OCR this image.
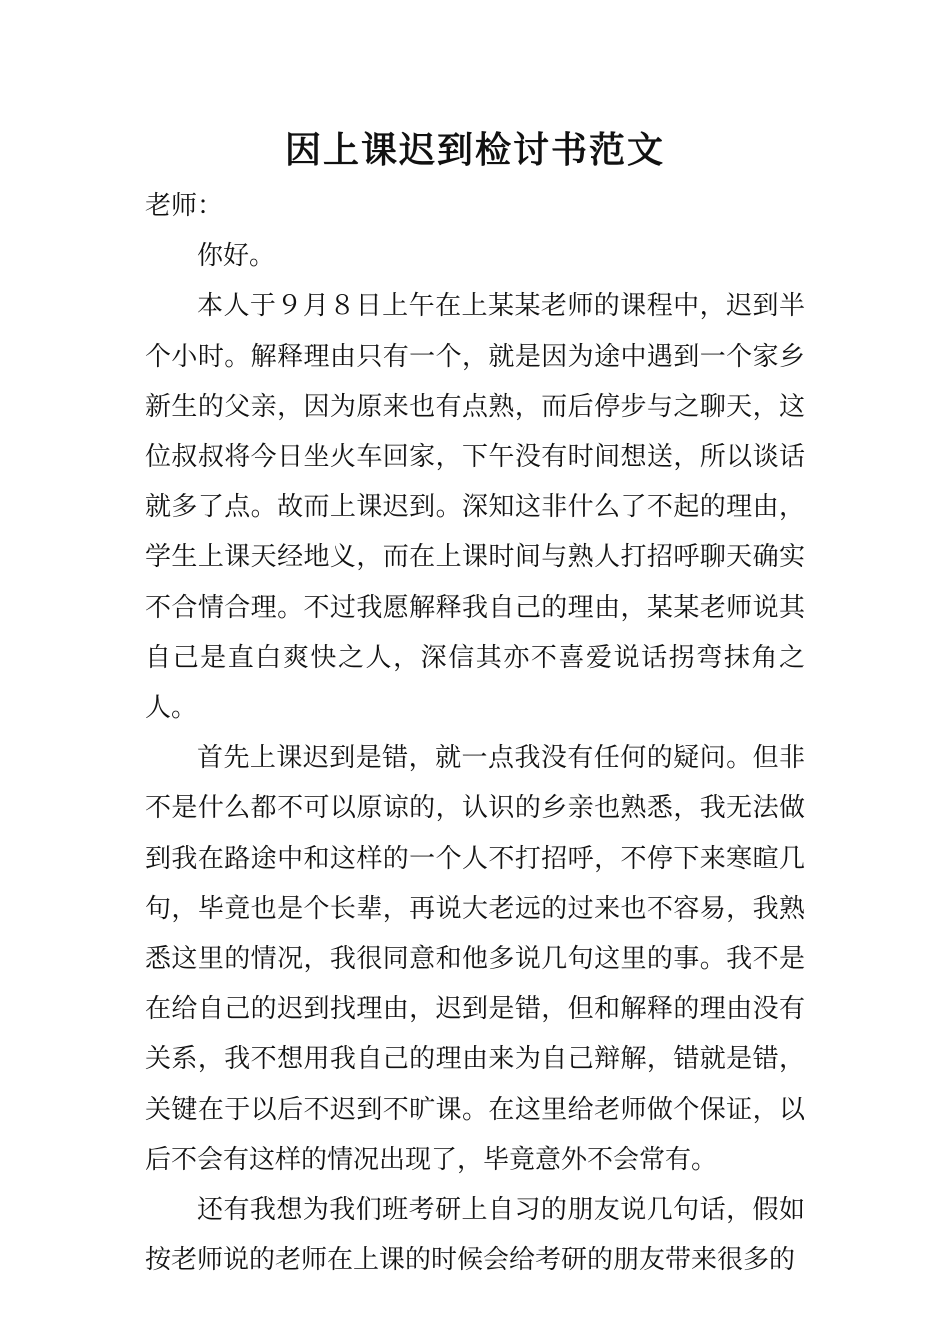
因上课迟到检讨书范文

老师：

你好。

本人于９月８日上午在上某某老师的课程中，迟到半个小时。解释理由只有一个，就是因为途中遇到一个家乡新生的父亲，因为原来也有点熟，而后停步与之聊天，这位叔叔将今日坐火车回家，下午没有时间想送，所以谈话就多了点。故而上课迟到。深知这非什么了不起的理由，学生上课天经地义，而在上课时间与熟人打招呼聊天确实不合情合理。不过我愿解释我自己的理由，某某老师说其自己是直白爽快之人，深信其亦不喜爱说话拐弯抹角之人。

首先上课迟到是错，就一点我没有任何的疑问。但非不是什么都不可以原谅的，认识的乡亲也熟悉，我无法做到我在路途中和这样的一个人不打招呼，不停下来寒暄几句，毕竟也是个长辈，再说大老远的过来也不容易，我熟悉这里的情况，我很同意和他多说几句这里的事。我不是在给自己的迟到找理由，迟到是错，但和解释的理由没有关系，我不想用我自己的理由来为自己辩解，错就是错，关键在于以后不迟到不旷课。在这里给老师做个保证，以后不会有这样的情况出现了，毕竟意外不会常有。

还有我想为我们班考研上自习的朋友说几句话，假如按老师说的老师在上课的时候会给考研的朋友带来很多的
